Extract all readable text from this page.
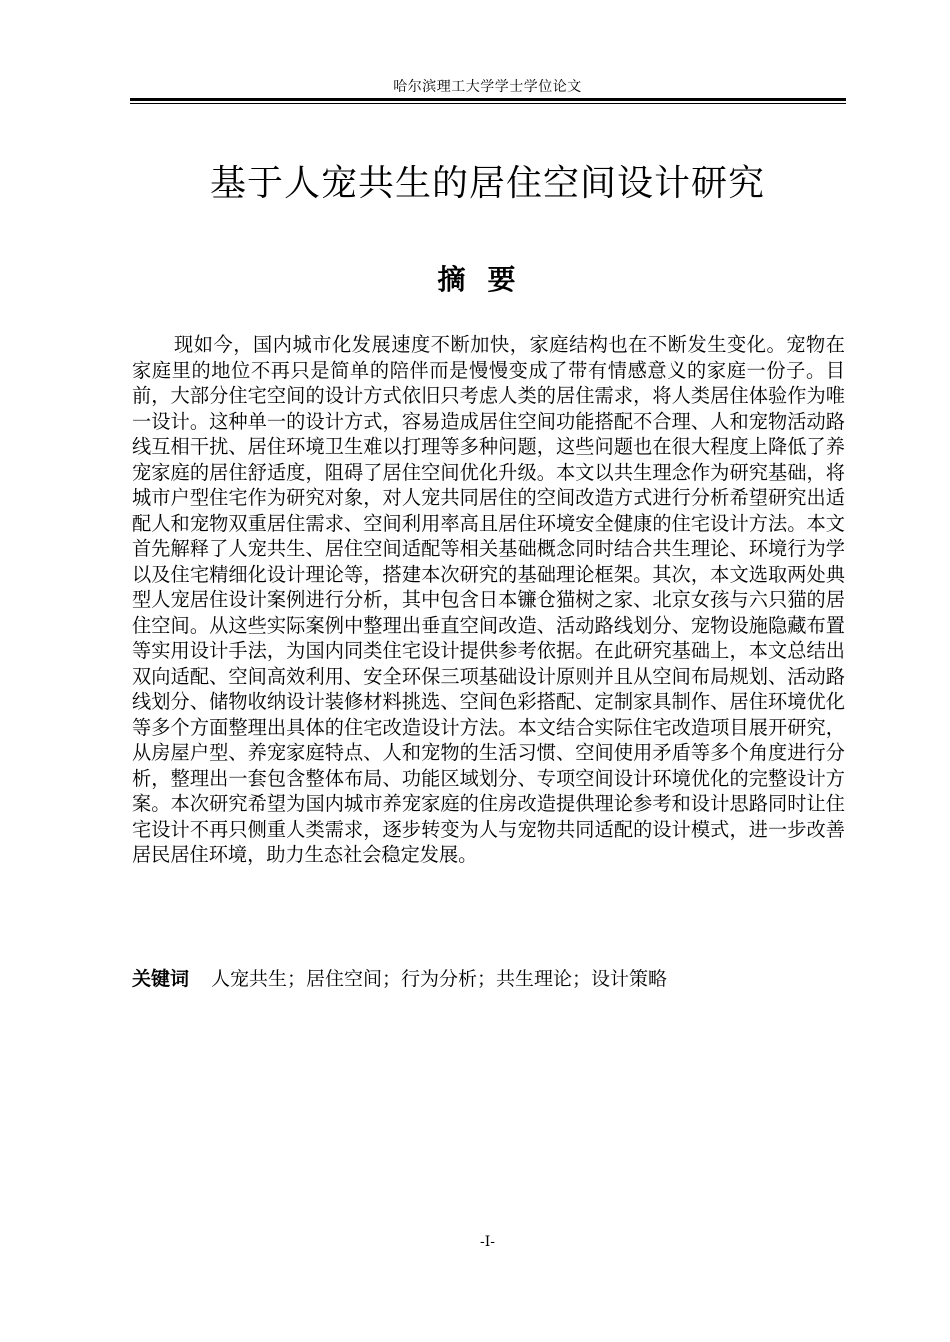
哈尔滨理工大学学士学位论文
基于人宠共生的居住空间设计研究
摘要

现如今，国内城市化发展速度不断加快，家庭结构也在不断发生变化。宠物在家庭里的地位不再只是简单的陪伴而是慢慢变成了带有情感意义的家庭一份子。目前，大部分住宅空间的设计方式依旧只考虑人类的居住需求，将人类居住体验作为唯一设计。这种单一的设计方式，容易造成居住空间功能搭配不合理、人和宠物活动路线互相干扰、居住环境卫生难以打理等多种问题，这些问题也在很大程度上降低了养宠家庭的居住舒适度，阻碍了居住空间优化升级。本文以共生理念作为研究基础，将城市户型住宅作为研究对象，对人宠共同居住的空间改造方式进行分析希望研究出适配人和宠物双重居住需求、空间利用率高且居住环境安全健康的住宅设计方法。本文首先解释了人宠共生、居住空间适配等相关基础概念同时结合共生理论、环境行为学以及住宅精细化设计理论等，搭建本次研究的基础理论框架。其次，本文选取两处典型人宠居住设计案例进行分析，其中包含日本镰仓猫树之家、北京女孩与六只猫的居住空间。从这些实际案例中整理出垂直空间改造、活动路线划分、宠物设施隐藏布置等实用设计手法，为国内同类住宅设计提供参考依据。在此研究基础上，本文总结出双向适配、空间高效利用、安全环保三项基础设计原则并且从空间布局规划、活动路线划分、储物收纳设计装修材料挑选、空间色彩搭配、定制家具制作、居住环境优化等多个方面整理出具体的住宅改造设计方法。本文结合实际住宅改造项目展开研究，从房屋户型、养宠家庭特点、人和宠物的生活习惯、空间使用矛盾等多个角度进行分析，整理出一套包含整体布局、功能区域划分、专项空间设计环境优化的完整设计方案。本次研究希望为国内城市养宠家庭的住房改造提供理论参考和设计思路同时让住宅设计不再只侧重人类需求，逐步转变为人与宠物共同适配的设计模式，进一步改善居民居住环境，助力生态社会稳定发展。

关键词 人宠共生；居住空间；行为分析；共生理论；设计策略
-I-
